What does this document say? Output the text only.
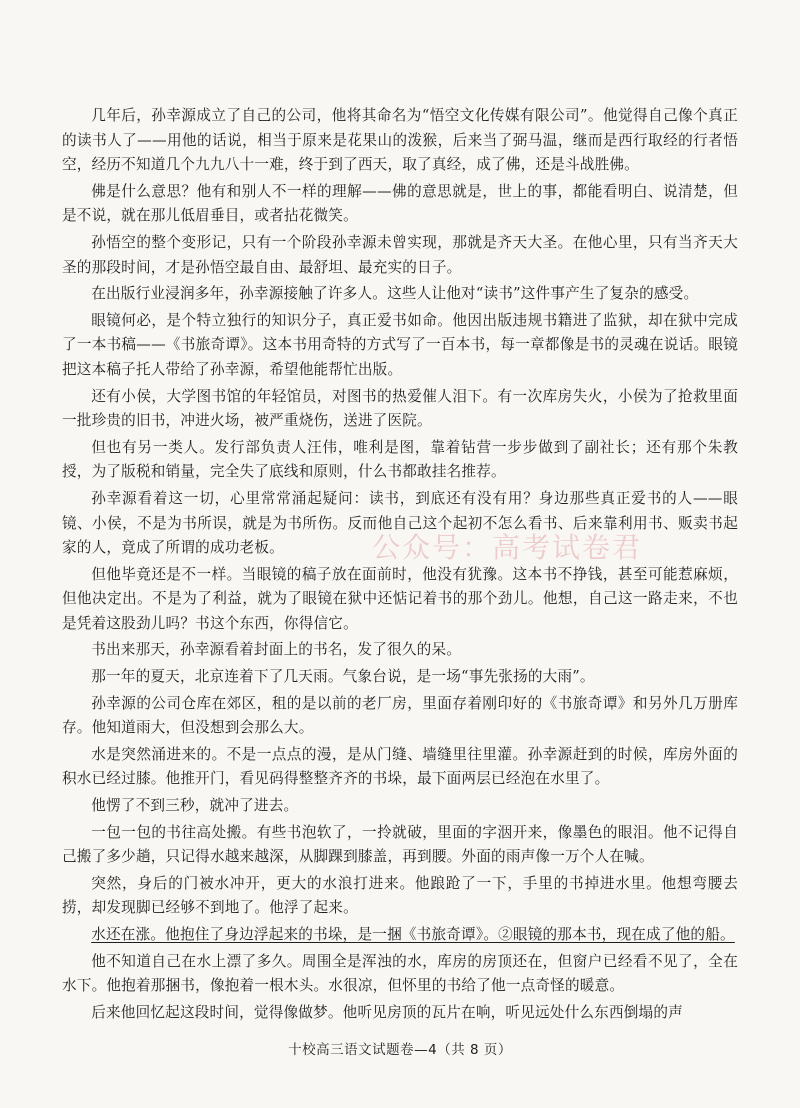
几年后，孙幸源成立了自己的公司，他将其命名为“悟空文化传媒有限公司”。他觉得自己像个真正的读书人了——用他的话说，相当于原来是花果山的泼猴，后来当了弼马温，继而是西行取经的行者悟空，经历不知道几个九九八十一难，终于到了西天，取了真经，成了佛，还是斗战胜佛。

佛是什么意思？他有和别人不一样的理解——佛的意思就是，世上的事，都能看明白、说清楚，但是不说，就在那儿低眉垂目，或者拈花微笑。

孙悟空的整个变形记，只有一个阶段孙幸源未曾实现，那就是齐天大圣。在他心里，只有当齐天大圣的那段时间，才是孙悟空最自由、最舒坦、最充实的日子。

在出版行业浸润多年，孙幸源接触了许多人。这些人让他对“读书”这件事产生了复杂的感受。

眼镜何必，是个特立独行的知识分子，真正爱书如命。他因出版违规书籍进了监狱，却在狱中完成了一本书稿——《书旅奇谭》。这本书用奇特的方式写了一百本书，每一章都像是书的灵魂在说话。眼镜把这本稿子托人带给了孙幸源，希望他能帮忙出版。

还有小侯，大学图书馆的年轻馆员，对图书的热爱催人泪下。有一次库房失火，小侯为了抢救里面一批珍贵的旧书，冲进火场，被严重烧伤，送进了医院。

但也有另一类人。发行部负责人汪伟，唯利是图，靠着钻营一步步做到了副社长；还有那个朱教授，为了版税和销量，完全失了底线和原则，什么书都敢挂名推荐。

孙幸源看着这一切，心里常常涌起疑问：读书，到底还有没有用？身边那些真正爱书的人——眼镜、小侯，不是为书所误，就是为书所伤。反而他自己这个起初不怎么看书、后来靠利用书、贩卖书起家的人，竟成了所谓的成功老板。

但他毕竟还是不一样。当眼镜的稿子放在面前时，他没有犹豫。这本书不挣钱，甚至可能惹麻烦，但他决定出。不是为了利益，就为了眼镜在狱中还惦记着书的那个劲儿。他想，自己这一路走来，不也是凭着这股劲儿吗？书这个东西，你得信它。

书出来那天，孙幸源看着封面上的书名，发了很久的呆。

那一年的夏天，北京连着下了几天雨。气象台说，是一场“事先张扬的大雨”。

孙幸源的公司仓库在郊区，租的是以前的老厂房，里面存着刚印好的《书旅奇谭》和另外几万册库存。他知道雨大，但没想到会那么大。

水是突然涌进来的。不是一点点的漫，是从门缝、墙缝里往里灌。孙幸源赶到的时候，库房外面的积水已经过膝。他推开门，看见码得整整齐齐的书垛，最下面两层已经泡在水里了。

他愣了不到三秒，就冲了进去。

一包一包的书往高处搬。有些书泡软了，一拎就破，里面的字洇开来，像墨色的眼泪。他不记得自己搬了多少趟，只记得水越来越深，从脚踝到膝盖，再到腰。外面的雨声像一万个人在喊。

突然，身后的门被水冲开，更大的水浪打进来。他踉跄了一下，手里的书掉进水里。他想弯腰去捞，却发现脚已经够不到地了。他浮了起来。

水还在涨。他抱住了身边浮起来的书垛，是一捆《书旅奇谭》。②眼镜的那本书，现在成了他的船。

他不知道自己在水上漂了多久。周围全是浑浊的水，库房的房顶还在，但窗户已经看不见了，全在水下。他抱着那捆书，像抱着一根木头。水很凉，但怀里的书给了他一点奇怪的暖意。

后来他回忆起这段时间，觉得像做梦。他听见房顶的瓦片在响，听见远处什么东西倒塌的声

公众号：高考试卷君
十校高三语文试题卷—4（共 8 页）
